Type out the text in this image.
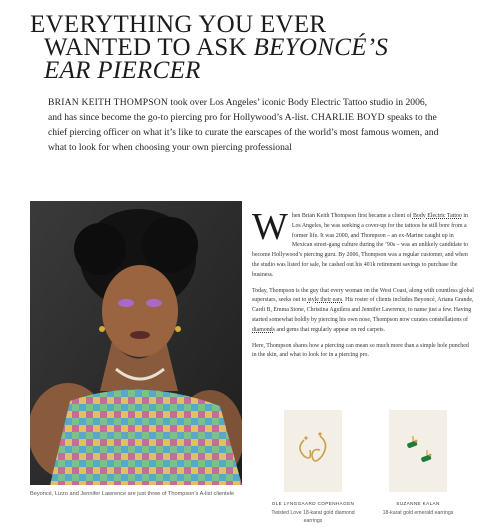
EVERYTHING YOU EVER
WANTED TO ASK BEYONCÉ’S
EAR PIERCER

BRIAN KEITH THOMPSON took over Los Angeles’ iconic Body Electric Tattoo studio in 2006, and has since become the go-to piercing pro for Hollywood’s A-list. CHARLIE BOYD speaks to the chief piercing officer on what it’s like to curate the earscapes of the world’s most famous women, and what to look for when choosing your own piercing professional

Beyoncé, Lizzo and Jennifer Lawrence are just three of Thompson’s A-list clientele

When Brian Keith Thompson first became a client of Body Electric Tattoo in Los Angeles, he was seeking a cover-up for the tattoos he still bore from a former life. It was 2000, and Thompson – an ex-Marine caught up in Mexican street-gang culture during the ’90s – was an unlikely candidate to become Hollywood’s piercing guru. By 2006, Thompson was a regular customer, and when the studio was listed for sale, he cashed out his 401k retirement savings to purchase the business.

Today, Thompson is the guy that every woman on the West Coast, along with countless global superstars, seeks out to style their ears. His roster of clients includes Beyoncé, Ariana Grande, Cardi B, Emma Stone, Christina Aguilera and Jennifer Lawrence, to name just a few. Having started somewhat boldly by piercing his own nose, Thompson now curates constellations of diamonds and gems that regularly appear on red carpets.

Here, Thompson shares how a piercing can mean so much more than a simple hole punched in the skin, and what to look for in a piercing pro.

OLE LYNGGAARD COPENHAGEN
Twisted Love 18-karat gold diamond earrings
SUZANNE KALAN
18-karat gold emerald earrings
